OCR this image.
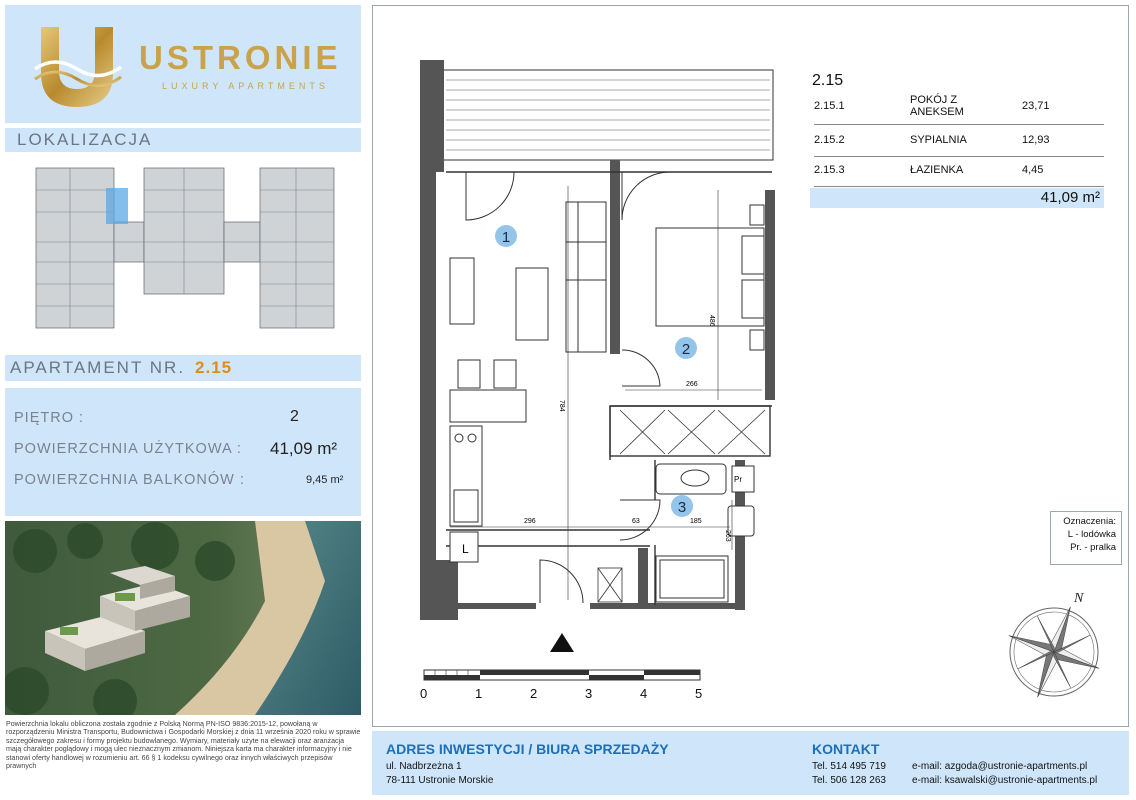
USTRONIE
LUXURY APARTMENTS
LOKALIZACJA
APARTAMENT NR. 2.15
PIĘTRO :	2
POWIERZCHNIA UŻYTKOWA : 41,09 m²
POWIERZCHNIA BALKONÓW :	9,45 m²
Powierzchnia lokalu obliczona została zgodnie z Polską Normą PN-ISO 9836:2015-12, powołaną w rozporządzeniu Ministra Transportu, Budownictwa i Gospodarki Morskiej z dnia 11 września 2020 roku w sprawie szczegółowego zakresu i formy projektu budowlanego. Wymiary, materiały użyte na elewacji oraz aranżacja mają charakter poglądowy i mogą ulec nieznacznym zmianom. Niniejsza karta ma charakter informacyjny i nie stanowi oferty handlowej w rozumieniu art. 66 § 1 kodeksu cywilnego oraz innych właściwych przepisów prawnych
L
Pr
784
486
266
296	63	185
263
1
2
3
2.15
2.15.1	POKÓJ Z ANEKSEM	23,71
2.15.2	SYPIALNIA	12,93
2.15.3	ŁAZIENKA	4,45
41,09 m²
0	1	2	3	4	5
Oznaczenia:
L - lodówka
Pr. - pralka
N
ADRES INWESTYCJI / BIURA SPRZEDAŻY
ul. Nadbrzeżna 1
78-111 Ustronie Morskie
KONTAKT
Tel. 514 495 719
Tel. 506 128 263
e-mail: azgoda@ustronie-apartments.pl
e-mail: ksawalski@ustronie-apartments.pl
